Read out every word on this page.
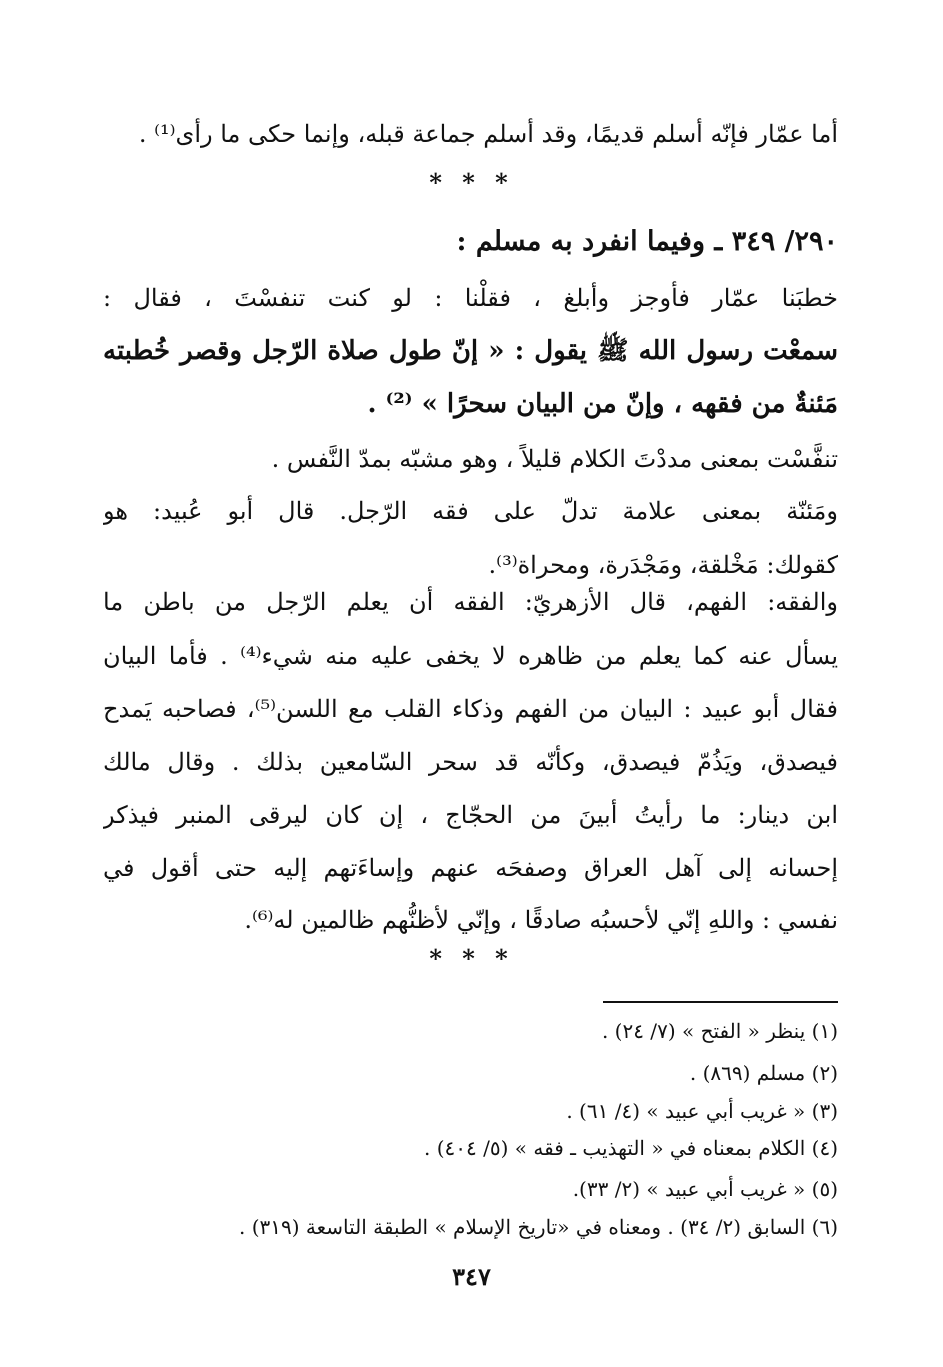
أما عمّار فإنّه أسلم قديمًا، وقد أسلم جماعة قبله، وإنما حكى ما رأى⁽¹⁾ .
* * *
٢٩٠/ ٣٤٩ ـ وفيما انفرد به مسلم :
خطبَنا عمّار فأوجز وأبلغ ، فقلْنا : لو كنت تنفسْتَ ، فقال :
سمعْت رسول الله ﷺ يقول : « إنّ طول صلاة الرّجل وقصر خُطبته
مَئنةٌ من فقهه ، وإنّ من البيان سحرًا » ⁽²⁾ .
تنفَّسْت بمعنى مددْتَ الكلام قليلاً ، وهو مشبّه بمدّ النَّفس .
ومَئنّة بمعنى علامة تدلّ على فقه الرّجل. قال أبو عُبيد: هو
كقولك: مَخْلقة، ومَجْدَرة، ومحراة⁽³⁾.
والفقه: الفهم، قال الأزهريّ: الفقه أن يعلم الرّجل من باطن ما
يسأل عنه كما يعلم من ظاهره لا يخفى عليه منه شيء⁽⁴⁾ . فأما البيان
فقال أبو عبيد : البيان من الفهم وذكاء القلب مع اللسن⁽⁵⁾، فصاحبه يَمدح
فيصدق، ويَذُمّ فيصدق، وكأنّه قد سحر السّامعين بذلك . وقال مالك
ابن دينار: ما رأيتُ أبينَ من الحجّاج ، إن كان ليرقى المنبر فيذكر
إحسانه إلى آهل العراق وصفحَه عنهم وإساءَتهم إليه حتى أقول في
نفسي : واللهِ إنّي لأحسبُه صادقًا ، وإنّي لأظنُّهم ظالمين له⁽⁶⁾.
* * *
(١) ينظر « الفتح » (٧/ ٢٤) .
(٢) مسلم (٨٦٩) .
(٣) « غريب أبي عبيد » (٤/ ٦١) .
(٤) الكلام بمعناه في « التهذيب ـ فقه » (٥/ ٤٠٤) .
(٥) « غريب أبي عبيد » (٢/ ٣٣).
(٦) السابق (٢/ ٣٤) . ومعناه في «تاريخ الإسلام » الطبقة التاسعة (٣١٩) .
٣٤٧
